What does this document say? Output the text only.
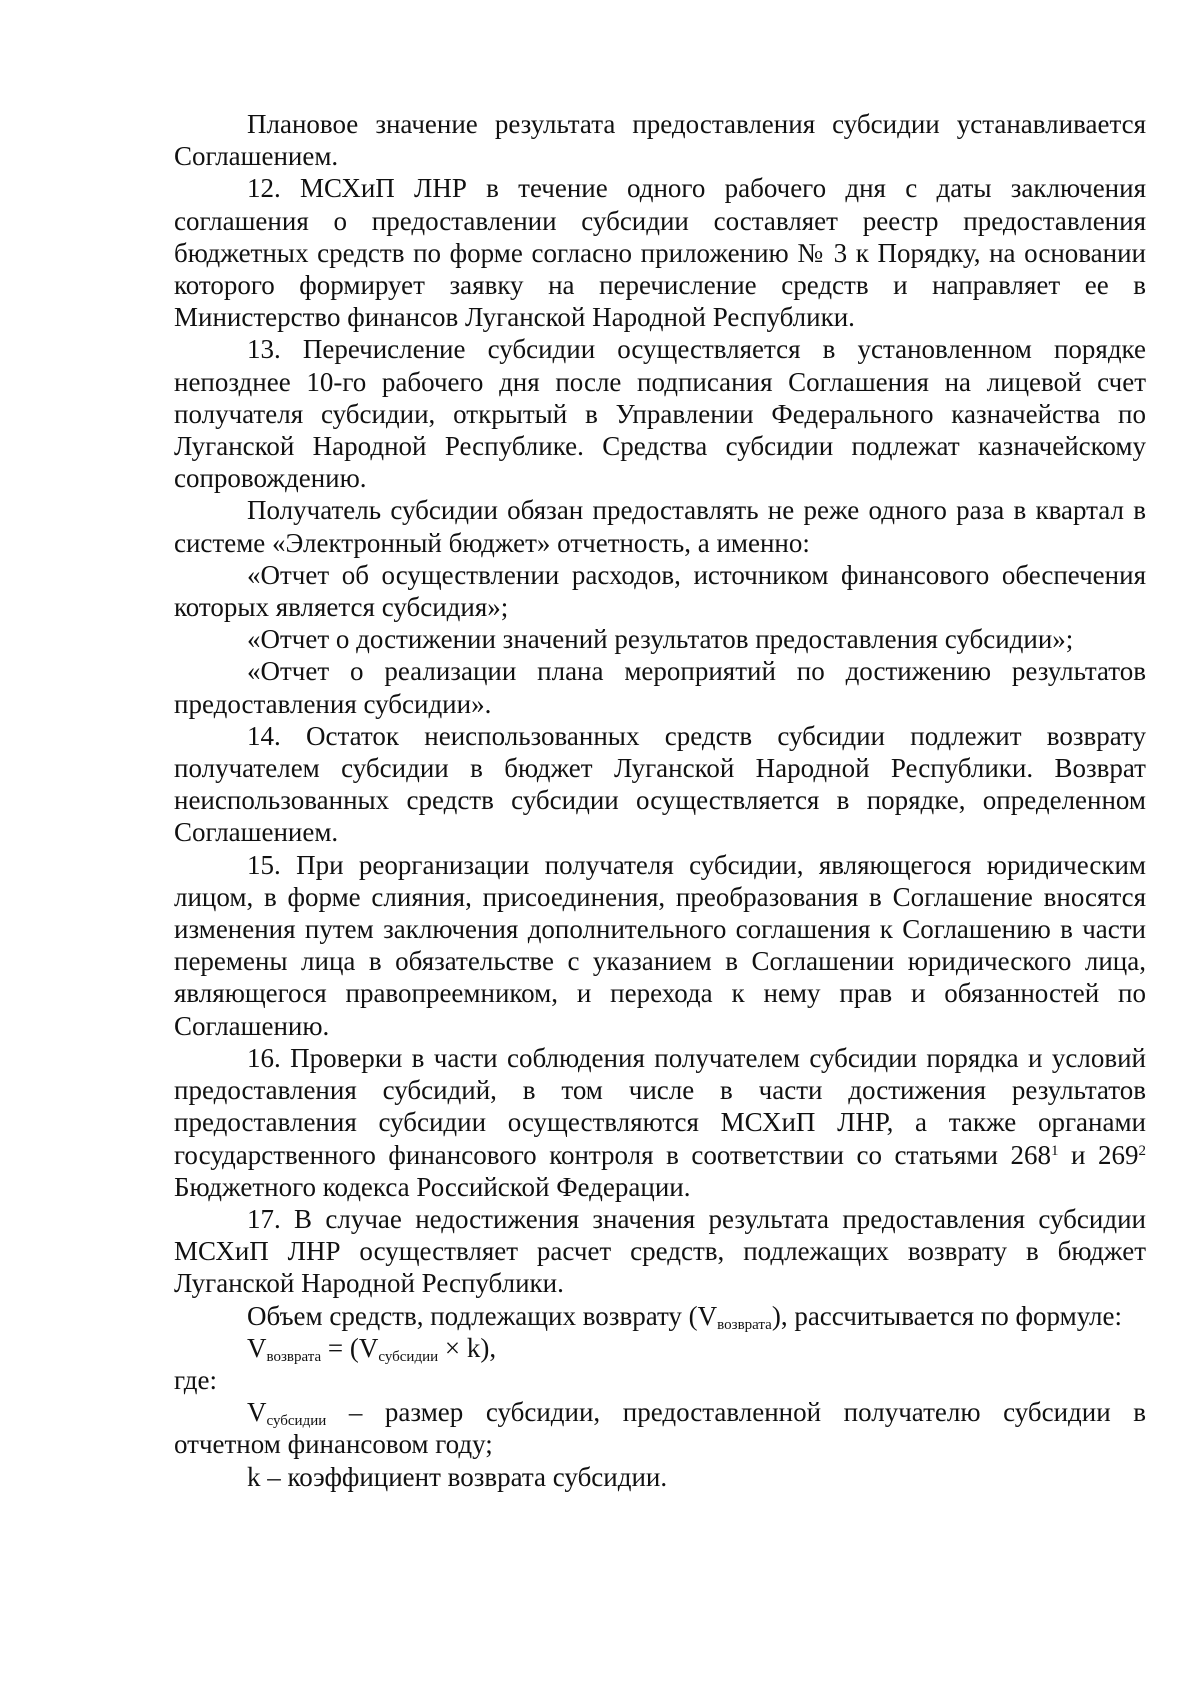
Плановое значение результата предоставления субсидии устанавливается Соглашением.

12. МСХиП ЛНР в течение одного рабочего дня с даты заключения соглашения о предоставлении субсидии составляет реестр предоставления бюджетных средств по форме согласно приложению № 3 к Порядку, на основании которого формирует заявку на перечисление средств и направляет ее в Министерство финансов Луганской Народной Республики.

13. Перечисление субсидии осуществляется в установленном порядке непозднее 10-го рабочего дня после подписания Соглашения на лицевой счет получателя субсидии, открытый в Управлении Федерального казначейства по Луганской Народной Республике. Средства субсидии подлежат казначейскому сопровождению.

Получатель субсидии обязан предоставлять не реже одного раза в квартал в системе «Электронный бюджет» отчетность, а именно:

«Отчет об осуществлении расходов, источником финансового обеспечения которых является субсидия»;

«Отчет о достижении значений результатов предоставления субсидии»;

«Отчет о реализации плана мероприятий по достижению результатов предоставления субсидии».

14. Остаток неиспользованных средств субсидии подлежит возврату получателем субсидии в бюджет Луганской Народной Республики. Возврат неиспользованных средств субсидии осуществляется в порядке, определенном Соглашением.

15. При реорганизации получателя субсидии, являющегося юридическим лицом, в форме слияния, присоединения, преобразования в Соглашение вносятся изменения путем заключения дополнительного соглашения к Соглашению в части перемены лица в обязательстве с указанием в Соглашении юридического лица, являющегося правопреемником, и перехода к нему прав и обязанностей по Соглашению.

16. Проверки в части соблюдения получателем субсидии порядка и условий предоставления субсидий, в том числе в части достижения результатов предоставления субсидии осуществляются МСХиП ЛНР, а также органами государственного финансового контроля в соответствии со статьями $268^1$ и $269^2$ Бюджетного кодекса Российской Федерации.

17. В случае недостижения значения результата предоставления субсидии МСХиП ЛНР осуществляет расчет средств, подлежащих возврату в бюджет Луганской Народной Республики.

Объем средств, подлежащих возврату $(V_{возврата})$, рассчитывается по формуле:

$V_{возврата} = (V_{субсидии} \times k)$,

где:

$V_{субсидии}$ – размер субсидии, предоставленной получателю субсидии в отчетном финансовом году;

k – коэффициент возврата субсидии.
